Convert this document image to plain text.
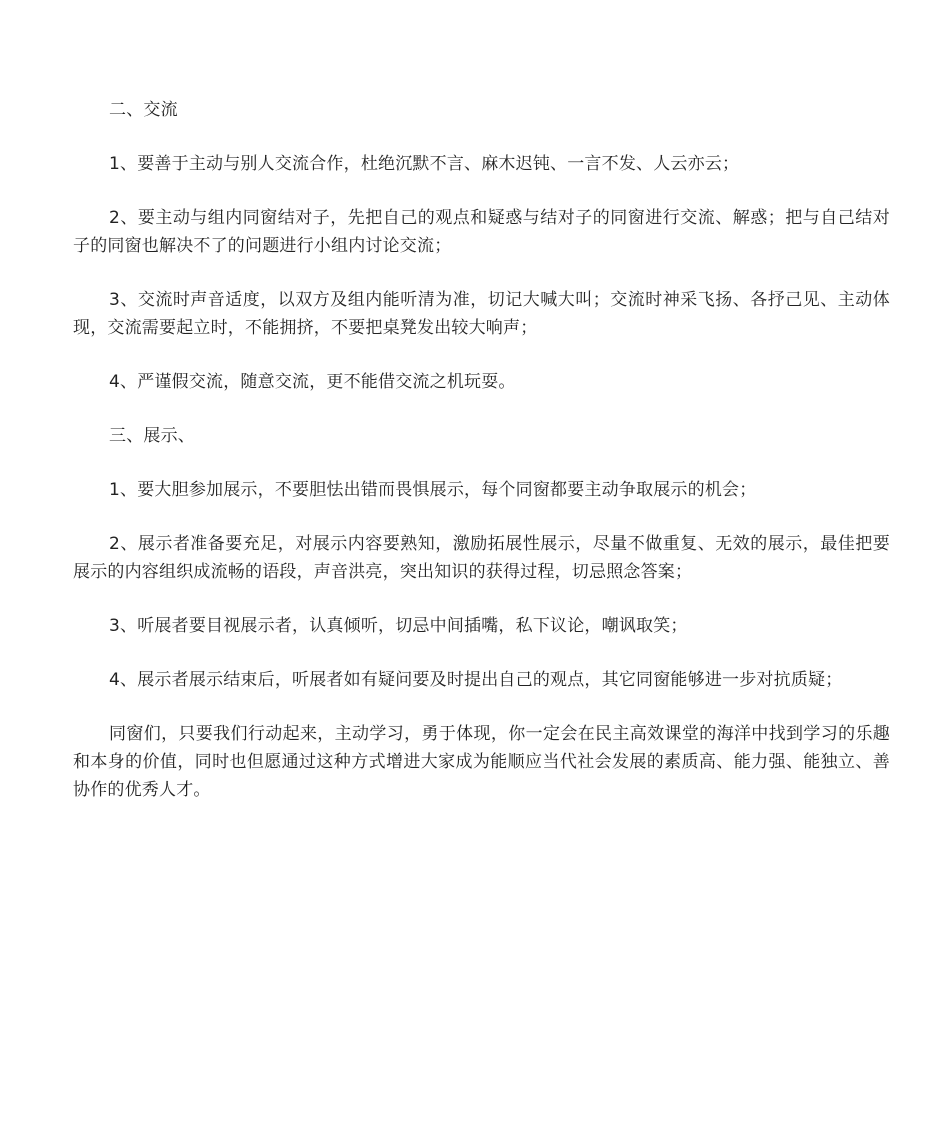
二、交流

1、要善于主动与别人交流合作，杜绝沉默不言、麻木迟钝、一言不发、人云亦云；

2、要主动与组内同窗结对子，先把自己的观点和疑惑与结对子的同窗进行交流、解惑；把与自己结对子的同窗也解决不了的问题进行小组内讨论交流；

3、交流时声音适度，以双方及组内能听清为准，切记大喊大叫；交流时神采飞扬、各抒己见、主动体现，交流需要起立时，不能拥挤，不要把桌凳发出较大响声；

4、严谨假交流，随意交流，更不能借交流之机玩耍。

三、展示、

1、要大胆参加展示，不要胆怯出错而畏惧展示，每个同窗都要主动争取展示的机会；

2、展示者准备要充足，对展示内容要熟知，激励拓展性展示，尽量不做重复、无效的展示，最佳把要展示的内容组织成流畅的语段，声音洪亮，突出知识的获得过程，切忌照念答案；

3、听展者要目视展示者，认真倾听，切忌中间插嘴，私下议论，嘲讽取笑；

4、展示者展示结束后，听展者如有疑问要及时提出自己的观点，其它同窗能够进一步对抗质疑；

同窗们，只要我们行动起来，主动学习，勇于体现，你一定会在民主高效课堂的海洋中找到学习的乐趣和本身的价值，同时也但愿通过这种方式增进大家成为能顺应当代社会发展的素质高、能力强、能独立、善协作的优秀人才。
